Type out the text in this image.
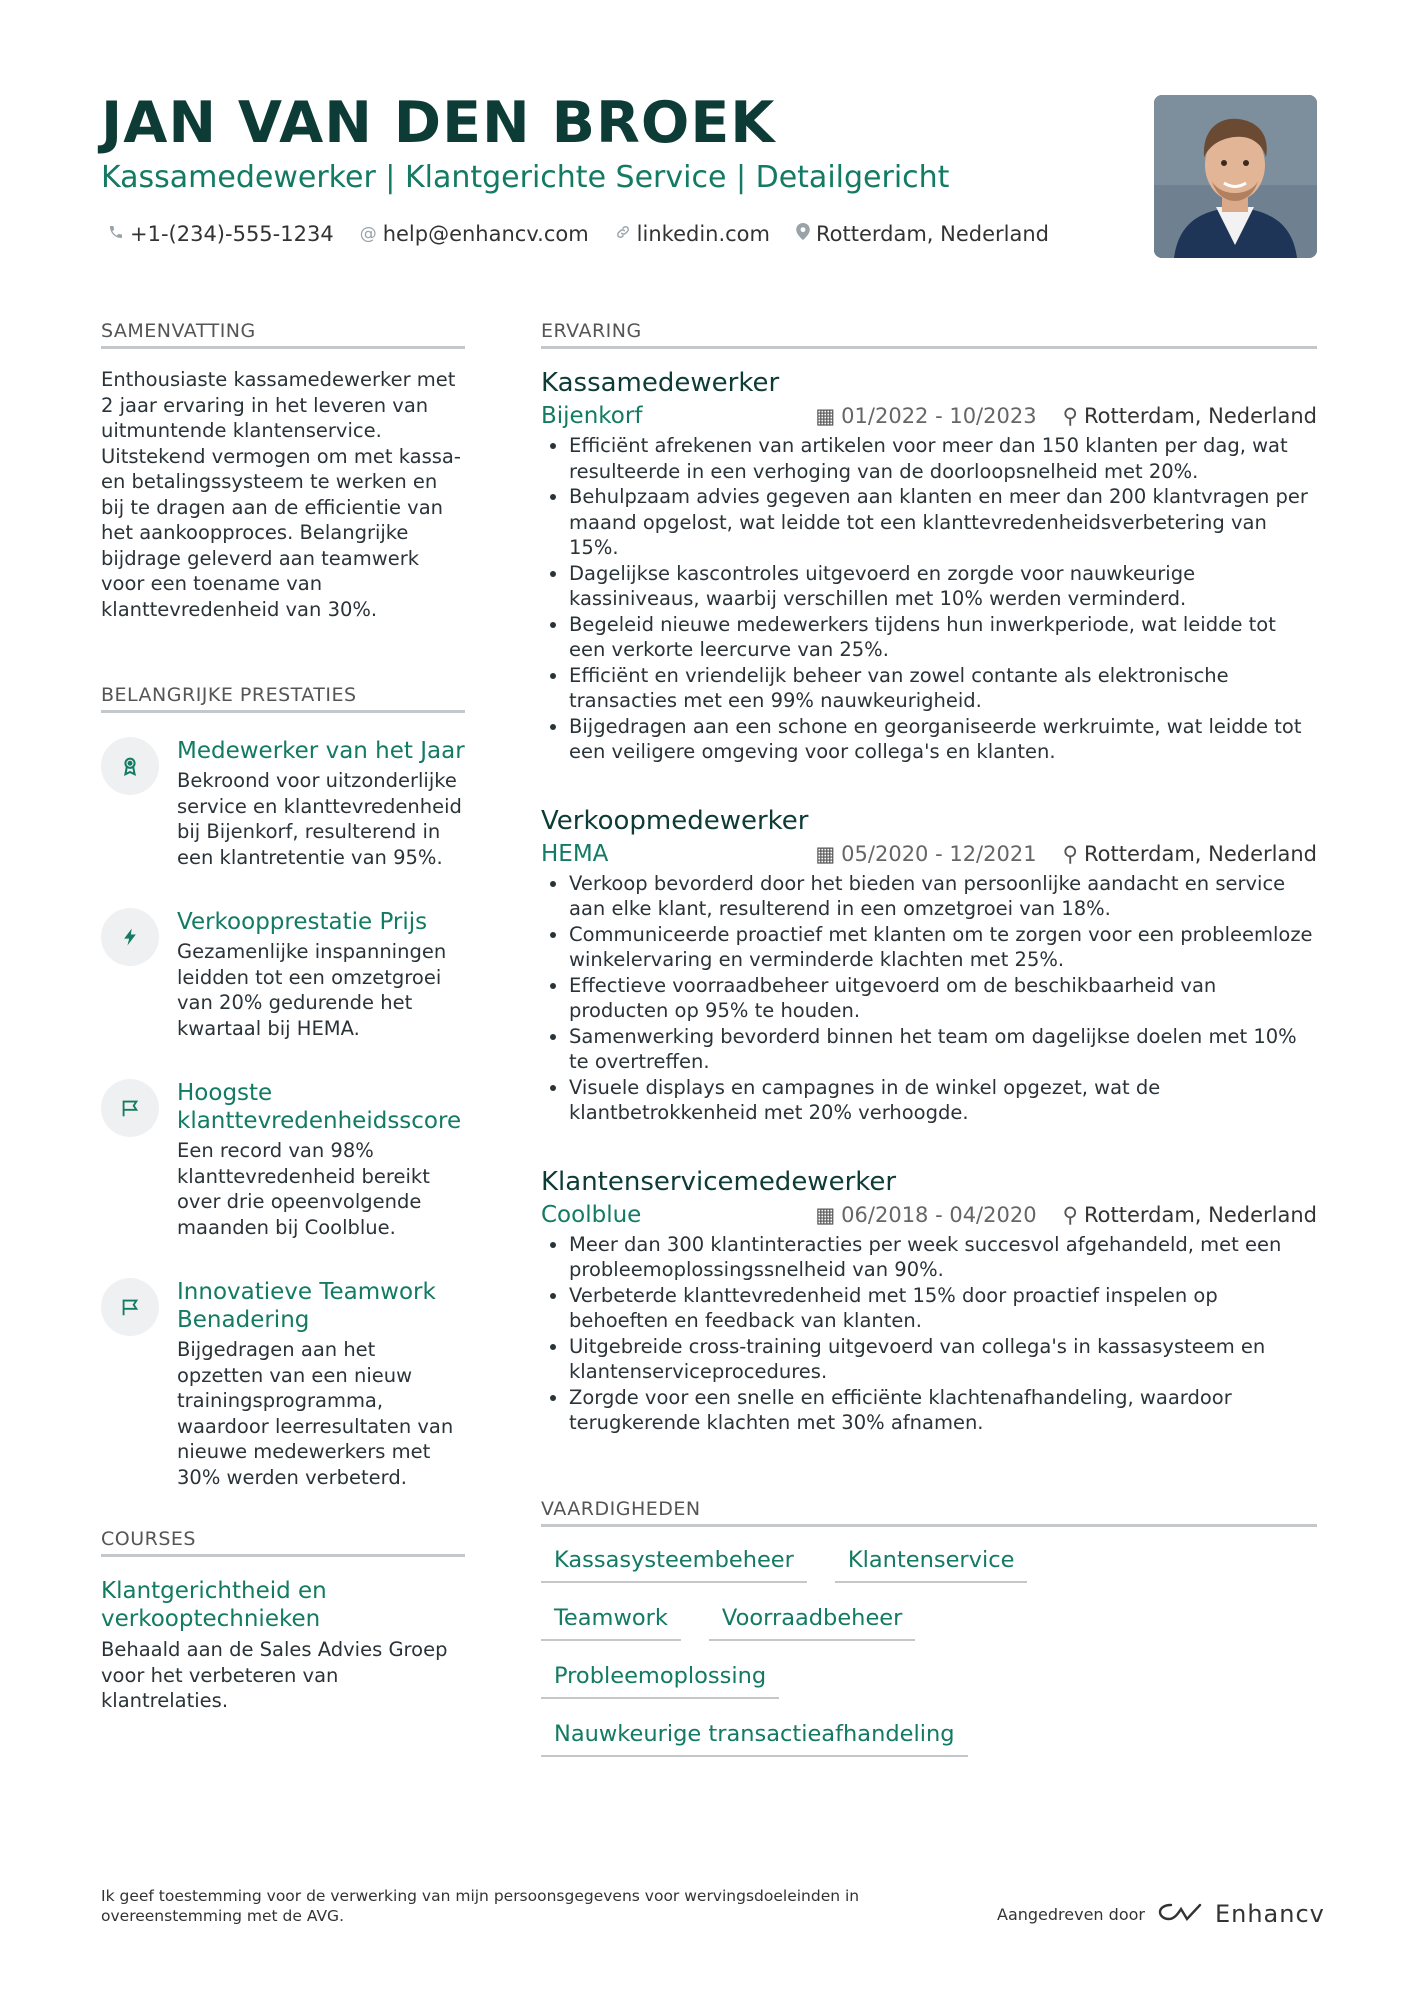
JAN VAN DEN BROEK
Kassamedewerker | Klantgerichte Service | Detailgericht
+1-(234)-555-1234 @ help@enhancv.com linkedin.com Rotterdam, Nederland
SAMENVATTING
Enthousiaste kassamedewerker met 2 jaar ervaring in het leveren van uitmuntende klantenservice. Uitstekend vermogen om met kassa- en betalingssysteem te werken en bij te dragen aan de efficientie van het aankoopproces. Belangrijke bijdrage geleverd aan teamwerk voor een toename van klanttevredenheid van 30%.
BELANGRIJKE PRESTATIES
Medewerker van het Jaar
Bekroond voor uitzonderlijke service en klanttevredenheid bij Bijenkorf, resulterend in een klantretentie van 95%.
Verkoopprestatie Prijs
Gezamenlijke inspanningen leidden tot een omzetgroei van 20% gedurende het kwartaal bij HEMA.
Hoogste klanttevredenheidsscore
Een record van 98% klanttevredenheid bereikt over drie opeenvolgende maanden bij Coolblue.
Innovatieve Teamwork Benadering
Bijgedragen aan het opzetten van een nieuw trainingsprogramma, waardoor leerresultaten van nieuwe medewerkers met 30% werden verbeterd.
COURSES
Klantgerichtheid en verkooptechnieken
Behaald aan de Sales Advies Groep voor het verbeteren van klantrelaties.
ERVARING
Kassamedewerker
Bijenkorf	▦ 01/2022 - 10/2023 ⚲ Rotterdam, Nederland
• Efficiënt afrekenen van artikelen voor meer dan 150 klanten per dag, wat resulteerde in een verhoging van de doorloopsnelheid met 20%.
• Behulpzaam advies gegeven aan klanten en meer dan 200 klantvragen per maand opgelost, wat leidde tot een klanttevredenheidsverbetering van 15%.
• Dagelijkse kascontroles uitgevoerd en zorgde voor nauwkeurige kassiniveaus, waarbij verschillen met 10% werden verminderd.
• Begeleid nieuwe medewerkers tijdens hun inwerkperiode, wat leidde tot een verkorte leercurve van 25%.
• Efficiënt en vriendelijk beheer van zowel contante als elektronische transacties met een 99% nauwkeurigheid.
• Bijgedragen aan een schone en georganiseerde werkruimte, wat leidde tot een veiligere omgeving voor collega's en klanten.
Verkoopmedewerker
HEMA	▦ 05/2020 - 12/2021 ⚲ Rotterdam, Nederland
• Verkoop bevorderd door het bieden van persoonlijke aandacht en service aan elke klant, resulterend in een omzetgroei van 18%.
• Communiceerde proactief met klanten om te zorgen voor een probleemloze winkelervaring en verminderde klachten met 25%.
• Effectieve voorraadbeheer uitgevoerd om de beschikbaarheid van producten op 95% te houden.
• Samenwerking bevorderd binnen het team om dagelijkse doelen met 10% te overtreffen.
• Visuele displays en campagnes in de winkel opgezet, wat de klantbetrokkenheid met 20% verhoogde.
Klantenservicemedewerker
Coolblue	▦ 06/2018 - 04/2020 ⚲ Rotterdam, Nederland
• Meer dan 300 klantinteracties per week succesvol afgehandeld, met een probleemoplossingssnelheid van 90%.
• Verbeterde klanttevredenheid met 15% door proactief inspelen op behoeften en feedback van klanten.
• Uitgebreide cross-training uitgevoerd van collega's in kassasysteem en klantenserviceprocedures.
• Zorgde voor een snelle en efficiënte klachtenafhandeling, waardoor terugkerende klachten met 30% afnamen.
VAARDIGHEDEN
Kassasysteembeheer	Klantenservice
Teamwork	Voorraadbeheer
Probleemoplossing
Nauwkeurige transactieafhandeling
Ik geef toestemming voor de verwerking van mijn persoonsgegevens voor wervingsdoeleinden in overeenstemming met de AVG.	Aangedreven door	Enhancv
